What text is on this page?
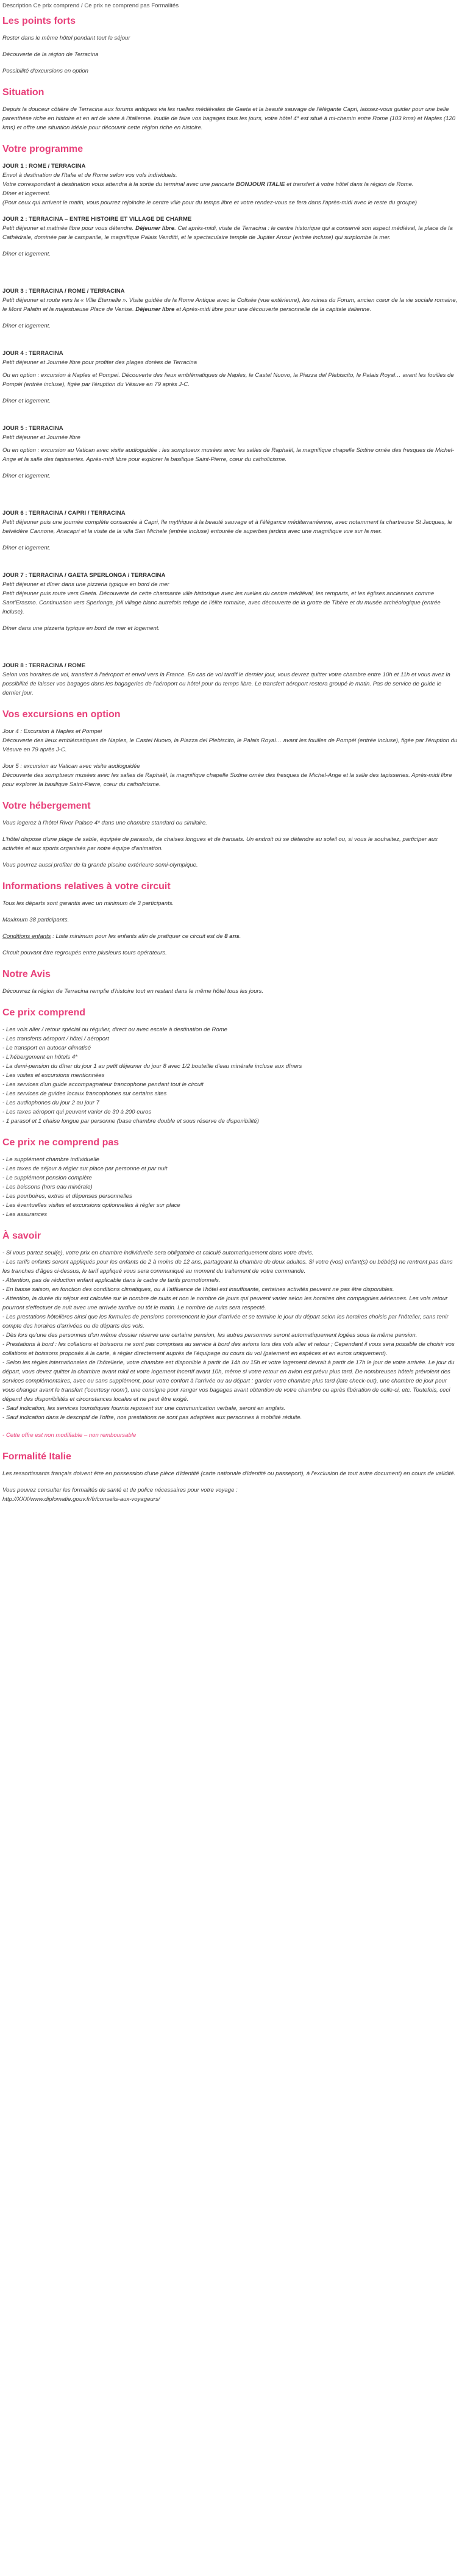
Description Ce prix comprend / Ce prix ne comprend pas Formalités
Les points forts

Rester dans le même hôtel pendant tout le séjour

Découverte de la région de Terracina

Possibilité d'excursions en option

Situation

Depuis la douceur côtière de Terracina aux forums antiques via les ruelles médiévales de Gaeta et la beauté sauvage de l'élégante Capri, laissez-vous guider pour une belle parenthèse riche en histoire et en art de vivre à l'italienne. Inutile de faire vos bagages tous les jours, votre hôtel 4* est situé à mi-chemin entre Rome (103 kms) et Naples (120 kms) et offre une situation idéale pour découvrir cette région riche en histoire.

Votre programme
JOUR 1 : ROME / TERRACINA

Envol à destination de l'Italie et de Rome selon vos vols individuels.
Votre correspondant à destination vous attendra à la sortie du terminal avec une pancarte BONJOUR ITALIE et transfert à votre hôtel dans la région de Rome.
Dîner et logement.
(Pour ceux qui arrivent le matin, vous pourrez rejoindre le centre ville pour du temps libre et votre rendez-vous se fera dans l'après-midi avec le reste du groupe)

JOUR 2 : TERRACINA – ENTRE HISTOIRE ET VILLAGE DE CHARME

Petit déjeuner et matinée libre pour vous détendre. Déjeuner libre. Cet après-midi, visite de Terracina : le centre historique qui a conservé son aspect médiéval, la place de la Cathédrale, dominée par le campanile, le magnifique Palais Venditti, et le spectaculaire temple de Jupiter Anxur (entrée incluse) qui surplombe la mer.

Dîner et logement.

JOUR 3 : TERRACINA / ROME / TERRACINA

Petit déjeuner et route vers la « Ville Eternelle ». Visite guidée de la Rome Antique avec le Colisée (vue extérieure), les ruines du Forum, ancien cœur de la vie sociale romaine, le Mont Palatin et la majestueuse Place de Venise. Déjeuner libre et Après-midi libre pour une découverte personnelle de la capitale italienne.

Dîner et logement.

JOUR 4 : TERRACINA

Petit déjeuner et Journée libre pour profiter des plages dorées de Terracina

Ou en option : excursion à Naples et Pompei. Découverte des lieux emblématiques de Naples, le Castel Nuovo, la Piazza del Plebiscito, le Palais Royal… avant les fouilles de Pompéi (entrée incluse), figée par l'éruption du Vésuve en 79 après J-C.

Dîner et logement.

JOUR 5 : TERRACINA

Petit déjeuner et Journée libre

Ou en option : excursion au Vatican avec visite audioguidée : les somptueux musées avec les salles de Raphaël, la magnifique chapelle Sixtine ornée des fresques de Michel-Ange et la salle des tapisseries. Après-midi libre pour explorer la basilique Saint-Pierre, cœur du catholicisme.

Dîner et logement.

JOUR 6 : TERRACINA / CAPRI / TERRACINA

Petit déjeuner puis une journée complète consacrée à Capri, île mythique à la beauté sauvage et à l'élégance méditerranéenne, avec notamment la chartreuse St Jacques, le belvédère Cannone, Anacapri et la visite de la villa San Michele (entrée incluse) entourée de superbes jardins avec une magnifique vue sur la mer.

Dîner et logement.

JOUR 7 : TERRACINA / GAETA SPERLONGA / TERRACINA

Petit déjeuner et dîner dans une pizzeria typique en bord de mer
Petit déjeuner puis route vers Gaeta. Découverte de cette charmante ville historique avec les ruelles du centre médiéval, les remparts, et les églises anciennes comme Sant'Erasmo. Continuation vers Sperlonga, joli village blanc autrefois refuge de l'élite romaine, avec découverte de la grotte de Tibère et du musée archéologique (entrée incluse).

Dîner dans une pizzeria typique en bord de mer et logement.

JOUR 8 : TERRACINA / ROME

Selon vos horaires de vol, transfert à l'aéroport et envol vers la France. En cas de vol tardif le dernier jour, vous devrez quitter votre chambre entre 10h et 11h et vous avez la possibilité de laisser vos bagages dans les bagageries de l'aéroport ou hôtel pour du temps libre. Le transfert aéroport restera groupé le matin. Pas de service de guide le dernier jour.

Vos excursions en option

Jour 4 : Excursion à Naples et Pompei
Découverte des lieux emblématiques de Naples, le Castel Nuovo, la Piazza del Plebiscito, le Palais Royal… avant les fouilles de Pompéi (entrée incluse), figée par l'éruption du Vésuve en 79 après J-C.

Jour 5 : excursion au Vatican avec visite audioguidée
Découverte des somptueux musées avec les salles de Raphaël, la magnifique chapelle Sixtine ornée des fresques de Michel-Ange et la salle des tapisseries. Après-midi libre pour explorer la basilique Saint-Pierre, cœur du catholicisme.

Votre hébergement

Vous logerez à l'hôtel River Palace 4* dans une chambre standard ou similaire.

L'hôtel dispose d'une plage de sable, équipée de parasols, de chaises longues et de transats. Un endroit où se détendre au soleil ou, si vous le souhaitez, participer aux activités et aux sports organisés par notre équipe d'animation.

Vous pourrez aussi profiter de la grande piscine extérieure semi-olympique.

Informations relatives à votre circuit

Tous les départs sont garantis avec un minimum de 3 participants.

Maximum 38 participants.

Conditions enfants : Liste minimum pour les enfants afin de pratiquer ce circuit est de 8 ans.

Circuit pouvant être regroupés entre plusieurs tours opérateurs.

Notre Avis

Découvrez la région de Terracina remplie d'histoire tout en restant dans le même hôtel tous les jours.

Ce prix comprend
- Les vols aller / retour spécial ou régulier, direct ou avec escale à destination de Rome
- Les transferts aéroport / hôtel / aéroport
- Le transport en autocar climatisé
- L'hébergement en hôtels 4*
- La demi-pension du dîner du jour 1 au petit déjeuner du jour 8 avec 1/2 bouteille d'eau minérale incluse aux dîners
- Les visites et excursions mentionnées
- Les services d'un guide accompagnateur francophone pendant tout le circuit
- Les services de guides locaux francophones sur certains sites
- Les audiophones du jour 2 au jour 7
- Les taxes aéroport qui peuvent varier de 30 à 200 euros
- 1 parasol et 1 chaise longue par personne (base chambre double et sous réserve de disponibilité)
Ce prix ne comprend pas
- Le supplément chambre individuelle
- Les taxes de séjour à régler sur place par personne et par nuit
- Le supplément pension complète
- Les boissons (hors eau minérale)
- Les pourboires, extras et dépenses personnelles
- Les éventuelles visites et excursions optionnelles à régler sur place
- Les assurances
À savoir
- Si vous partez seul(e), votre prix en chambre individuelle sera obligatoire et calculé automatiquement dans votre devis.
- Les tarifs enfants seront appliqués pour les enfants de 2 à moins de 12 ans, partageant la chambre de deux adultes. Si votre (vos) enfant(s) ou bébé(s) ne rentrent pas dans les tranches d'âges ci-dessus, le tarif appliqué vous sera communiqué au moment du traitement de votre commande.
- Attention, pas de réduction enfant applicable dans le cadre de tarifs promotionnels.
- En basse saison, en fonction des conditions climatiques, ou à l'affluence de l'hôtel est insuffisante, certaines activités peuvent ne pas être disponibles.
- Attention, la durée du séjour est calculée sur le nombre de nuits et non le nombre de jours qui peuvent varier selon les horaires des compagnies aériennes. Les vols retour pourront s'effectuer de nuit avec une arrivée tardive ou tôt le matin. Le nombre de nuits sera respecté.
- Les prestations hôtelières ainsi que les formules de pensions commencent le jour d'arrivée et se termine le jour du départ selon les horaires choisis par l'hôtelier, sans tenir compte des horaires d'arrivées ou de départs des vols.
- Dès lors qu'une des personnes d'un même dossier réserve une certaine pension, les autres personnes seront automatiquement logées sous la même pension.
- Prestations à bord : les collations et boissons ne sont pas comprises au service à bord des avions lors des vols aller et retour ; Cependant il vous sera possible de choisir vos collations et boissons proposés à la carte, à régler directement auprès de l'équipage ou cours du vol (paiement en espèces et en euros uniquement).
- Selon les règles internationales de l'hôtellerie, votre chambre est disponible à partir de 14h ou 15h et votre logement devrait à partir de 17h le jour de votre arrivée. Le jour du départ, vous devez quitter la chambre avant midi et votre logement incertif avant 10h, même si votre retour en avion est prévu plus tard. De nombreuses hôtels prévoient des services complémentaires, avec ou sans supplément, pour votre confort à l'arrivée ou au départ : garder votre chambre plus tard (late check-out), une chambre de jour pour vous changer avant le transfert ('courtesy room'), une consigne pour ranger vos bagages avant obtention de votre chambre ou après libération de celle-ci, etc. Toutefois, ceci dépend des disponibilités et circonstances locales et ne peut être exigé.
- Sauf indication, les services touristiques fournis reposent sur une communication verbale, seront en anglais.
- Sauf indication dans le descriptif de l'offre, nos prestations ne sont pas adaptées aux personnes à mobilité réduite.
- Cette offre est non modifiable – non remboursable
Formalité Italie

Les ressortissants français doivent être en possession d'une pièce d'identité (carte nationale d'identité ou passeport), à l'exclusion de tout autre document) en cours de validité.

Vous pouvez consulter les formalités de santé et de police nécessaires pour votre voyage :
http://XXX/www.diplomatie.gouv.fr/fr/conseils-aux-voyageurs/
